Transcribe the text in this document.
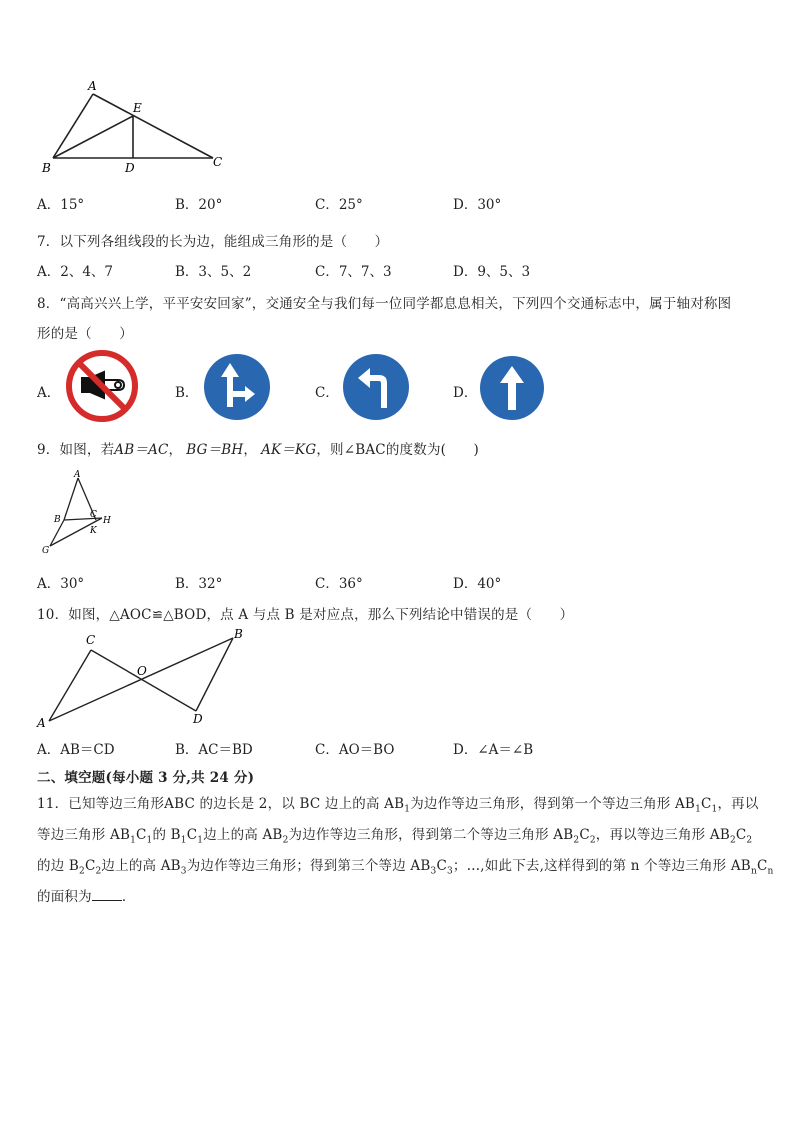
A
E
B	D	C
A．15°	B．20°	C．25°	D．30°
7．以下列各组线段的长为边，能组成三角形的是（　　）
A．2、4、7	B．3、5、2	C．7、7、3	D．9、5、3
8．“高高兴兴上学，平平安安回家”，交通安全与我们每一位同学都息息相关，下列四个交通标志中，属于轴对称图
形的是（　　）
A．	B．	C．	D．
9．如图，若AB＝AC， BG＝BH， AK＝KG，则∠BAC的度数为(　　)
A
B	C
H
K
G
A．30°	B．32°	C．36°	D．40°
10．如图，△AOC≌△BOD，点 A 与点 B 是对应点，那么下列结论中错误的是（　　）
C
O
B
A	D
A．AB＝CD	B．AC＝BD	C．AO＝BO	D．∠A＝∠B
二、填空题(每小题 3 分,共 24 分)
11．已知等边三角形ABC 的边长是 2，以 BC 边上的高 $AB_1$为边作等边三角形，得到第一个等边三角形 $AB_1C_1$，再以
等边三角形 $AB_1C_1$的 $B_1C_1$边上的高 $AB_2$为边作等边三角形，得到第二个等边三角形 $AB_2C_2$，再以等边三角形 $AB_2C_2$
的边 $B_2C_2$边上的高 $AB_3$为边作等边三角形；得到第三个等边 $AB_3C_3$；…,如此下去,这样得到的第 n 个等边三角形 $AB_nC_n$
的面积为 ．
